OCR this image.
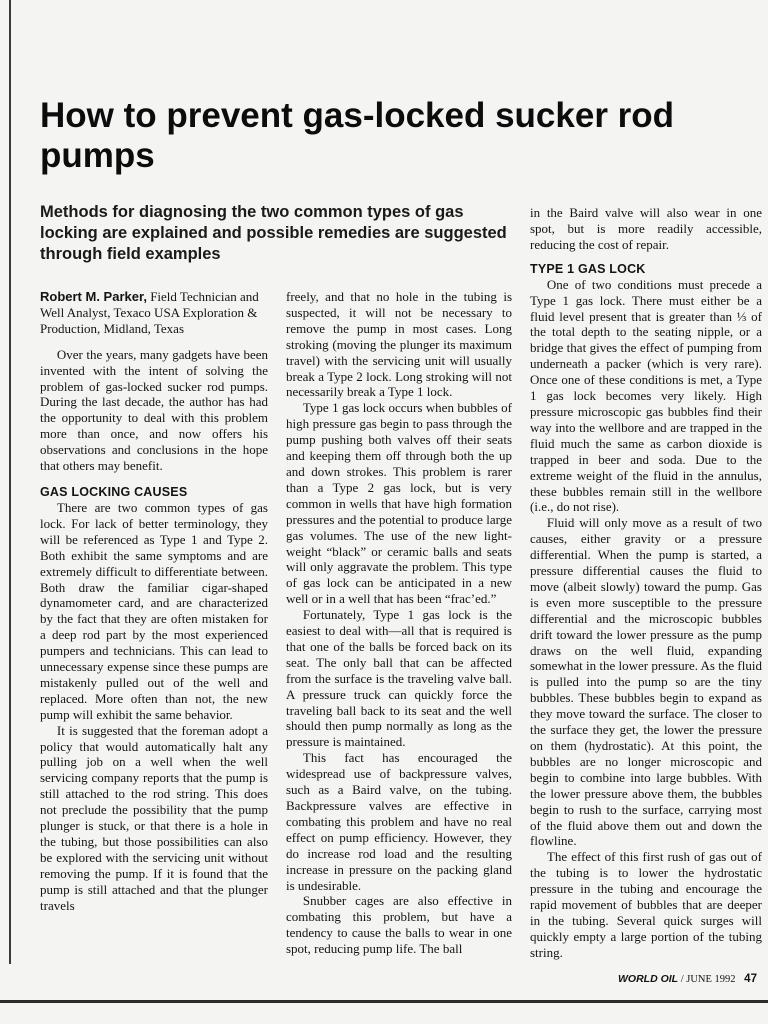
How to prevent gas-locked sucker rod pumps
Methods for diagnosing the two common types of gas locking are explained and possible remedies are suggested through field examples

Robert M. Parker, Field Technician and Well Analyst, Texaco USA Exploration & Production, Midland, Texas

Over the years, many gadgets have been invented with the intent of solving the problem of gas-locked sucker rod pumps. During the last decade, the author has had the opportunity to deal with this problem more than once, and now offers his observations and conclusions in the hope that others may benefit.

GAS LOCKING CAUSES

There are two common types of gas lock. For lack of better terminology, they will be referenced as Type 1 and Type 2. Both exhibit the same symptoms and are extremely difficult to differentiate between. Both draw the familiar cigar-shaped dynamometer card, and are characterized by the fact that they are often mistaken for a deep rod part by the most experienced pumpers and technicians. This can lead to unnecessary expense since these pumps are mistakenly pulled out of the well and replaced. More often than not, the new pump will exhibit the same behavior.

It is suggested that the foreman adopt a policy that would automatically halt any pulling job on a well when the well servicing company reports that the pump is still attached to the rod string. This does not preclude the possibility that the pump plunger is stuck, or that there is a hole in the tubing, but those possibilities can also be explored with the servicing unit without removing the pump. If it is found that the pump is still attached and that the plunger travels

freely, and that no hole in the tubing is suspected, it will not be necessary to remove the pump in most cases. Long stroking (moving the plunger its maximum travel) with the servicing unit will usually break a Type 2 lock. Long stroking will not necessarily break a Type 1 lock.

Type 1 gas lock occurs when bubbles of high pressure gas begin to pass through the pump pushing both valves off their seats and keeping them off through both the up and down strokes. This problem is rarer than a Type 2 gas lock, but is very common in wells that have high formation pressures and the potential to produce large gas volumes. The use of the new light-weight “black” or ceramic balls and seats will only aggravate the problem. This type of gas lock can be anticipated in a new well or in a well that has been “frac’ed.”

Fortunately, Type 1 gas lock is the easiest to deal with—all that is required is that one of the balls be forced back on its seat. The only ball that can be affected from the surface is the traveling valve ball. A pressure truck can quickly force the traveling ball back to its seat and the well should then pump normally as long as the pressure is maintained.

This fact has encouraged the widespread use of backpressure valves, such as a Baird valve, on the tubing. Backpressure valves are effective in combating this problem and have no real effect on pump efficiency. However, they do increase rod load and the resulting increase in pressure on the packing gland is undesirable.

Snubber cages are also effective in combating this problem, but have a tendency to cause the balls to wear in one spot, reducing pump life. The ball

in the Baird valve will also wear in one spot, but is more readily accessible, reducing the cost of repair.

TYPE 1 GAS LOCK

One of two conditions must precede a Type 1 gas lock. There must either be a fluid level present that is greater than ⅓ of the total depth to the seating nipple, or a bridge that gives the effect of pumping from underneath a packer (which is very rare). Once one of these conditions is met, a Type 1 gas lock becomes very likely. High pressure microscopic gas bubbles find their way into the wellbore and are trapped in the fluid much the same as carbon dioxide is trapped in beer and soda. Due to the extreme weight of the fluid in the annulus, these bubbles remain still in the wellbore (i.e., do not rise).

Fluid will only move as a result of two causes, either gravity or a pressure differential. When the pump is started, a pressure differential causes the fluid to move (albeit slowly) toward the pump. Gas is even more susceptible to the pressure differential and the microscopic bubbles drift toward the lower pressure as the pump draws on the well fluid, expanding somewhat in the lower pressure. As the fluid is pulled into the pump so are the tiny bubbles. These bubbles begin to expand as they move toward the surface. The closer to the surface they get, the lower the pressure on them (hydrostatic). At this point, the bubbles are no longer microscopic and begin to combine into large bubbles. With the lower pressure above them, the bubbles begin to rush to the surface, carrying most of the fluid above them out and down the flowline.

The effect of this first rush of gas out of the tubing is to lower the hydrostatic pressure in the tubing and encourage the rapid movement of bubbles that are deeper in the tubing. Several quick surges will quickly empty a large portion of the tubing string.

WORLD OIL / JUNE 1992 47
